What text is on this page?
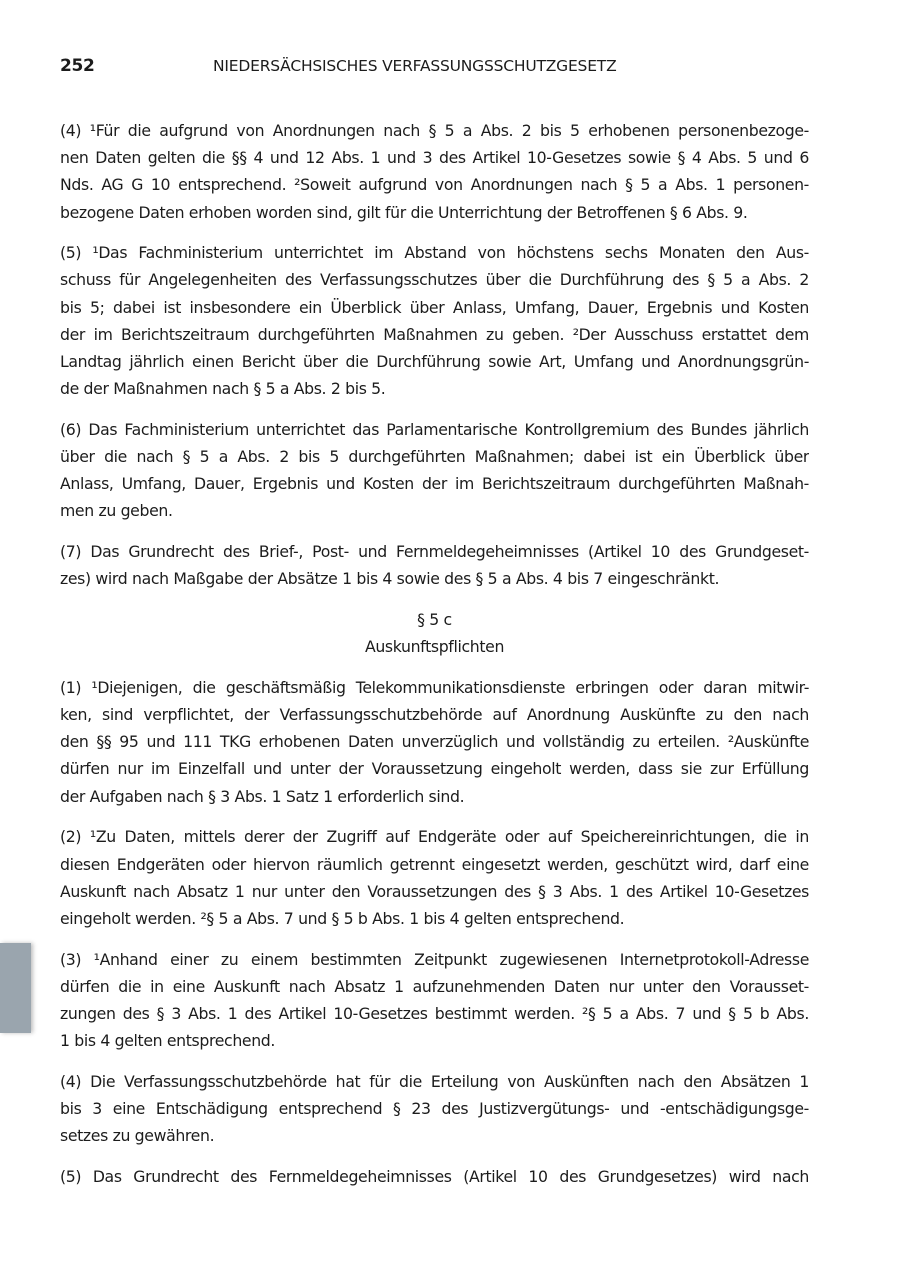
252	NIEDERSÄCHSISCHES VERFASSUNGSSCHUTZGESETZ
(4) ¹Für die aufgrund von Anordnungen nach § 5 a Abs. 2 bis 5 erhobenen personenbezoge-
nen Daten gelten die §§ 4 und 12 Abs. 1 und 3 des Artikel 10-Gesetzes sowie § 4 Abs. 5 und 6
Nds. AG G 10 entsprechend. ²Soweit aufgrund von Anordnungen nach § 5 a Abs. 1 personen-
bezogene Daten erhoben worden sind, gilt für die Unterrichtung der Betroffenen § 6 Abs. 9.
(5) ¹Das Fachministerium unterrichtet im Abstand von höchstens sechs Monaten den Aus-
schuss für Angelegenheiten des Verfassungsschutzes über die Durchführung des § 5 a Abs. 2
bis 5; dabei ist insbesondere ein Überblick über Anlass, Umfang, Dauer, Ergebnis und Kosten
der im Berichtszeitraum durchgeführten Maßnahmen zu geben. ²Der Ausschuss erstattet dem
Landtag jährlich einen Bericht über die Durchführung sowie Art, Umfang und Anordnungsgrün-
de der Maßnahmen nach § 5 a Abs. 2 bis 5.
(6) Das Fachministerium unterrichtet das Parlamentarische Kontrollgremium des Bundes jährlich
über die nach § 5 a Abs. 2 bis 5 durchgeführten Maßnahmen; dabei ist ein Überblick über
Anlass, Umfang, Dauer, Ergebnis und Kosten der im Berichtszeitraum durchgeführten Maßnah-
men zu geben.
(7) Das Grundrecht des Brief-, Post- und Fernmeldegeheimnisses (Artikel 10 des Grundgeset-
zes) wird nach Maßgabe der Absätze 1 bis 4 sowie des § 5 a Abs. 4 bis 7 eingeschränkt.
§ 5 c
Auskunftspflichten
(1) ¹Diejenigen, die geschäftsmäßig Telekommunikationsdienste erbringen oder daran mitwir-
ken, sind verpflichtet, der Verfassungsschutzbehörde auf Anordnung Auskünfte zu den nach
den §§ 95 und 111 TKG erhobenen Daten unverzüglich und vollständig zu erteilen. ²Auskünfte
dürfen nur im Einzelfall und unter der Voraussetzung eingeholt werden, dass sie zur Erfüllung
der Aufgaben nach § 3 Abs. 1 Satz 1 erforderlich sind.
(2) ¹Zu Daten, mittels derer der Zugriff auf Endgeräte oder auf Speichereinrichtungen, die in
diesen Endgeräten oder hiervon räumlich getrennt eingesetzt werden, geschützt wird, darf eine
Auskunft nach Absatz 1 nur unter den Voraussetzungen des § 3 Abs. 1 des Artikel 10-Gesetzes
eingeholt werden. ²§ 5 a Abs. 7 und § 5 b Abs. 1 bis 4 gelten entsprechend.
(3) ¹Anhand einer zu einem bestimmten Zeitpunkt zugewiesenen Internetprotokoll-Adresse
dürfen die in eine Auskunft nach Absatz 1 aufzunehmenden Daten nur unter den Vorausset-
zungen des § 3 Abs. 1 des Artikel 10-Gesetzes bestimmt werden. ²§ 5 a Abs. 7 und § 5 b Abs.
1 bis 4 gelten entsprechend.
(4) Die Verfassungsschutzbehörde hat für die Erteilung von Auskünften nach den Absätzen 1
bis 3 eine Entschädigung entsprechend § 23 des Justizvergütungs- und -entschädigungsge-
setzes zu gewähren.
(5) Das Grundrecht des Fernmeldegeheimnisses (Artikel 10 des Grundgesetzes) wird nach
